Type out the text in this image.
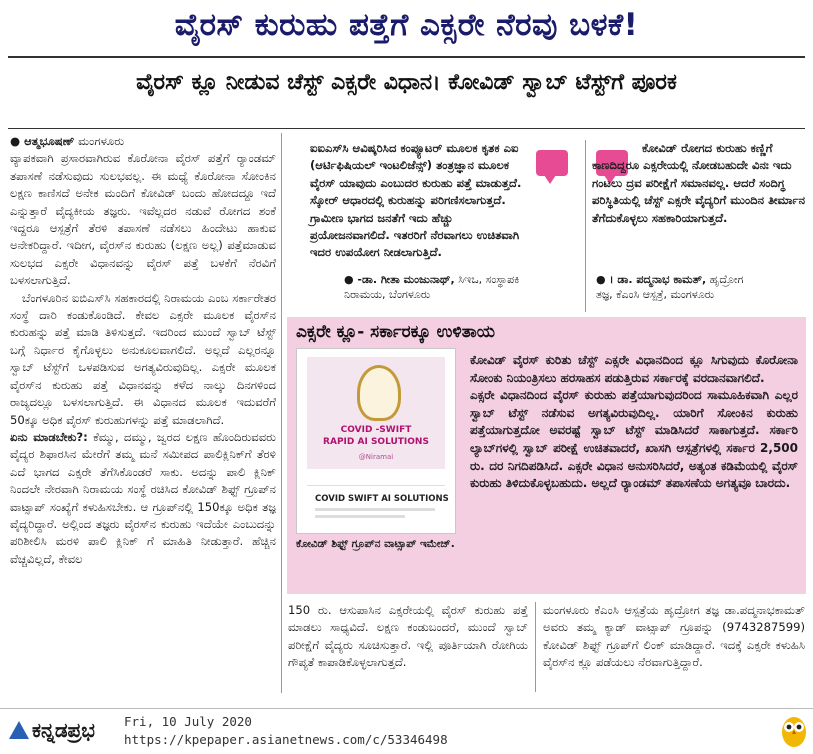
ವೈರಸ್ ಕುರುಹು ಪತ್ತೆಗೆ ಎಕ್ಸರೇ ನೆರವು ಬಳಕೆ!
ವೈರಸ್ ಕ್ಲೂ ನೀಡುವ ಚೆಸ್ಟ್ ಎಕ್ಸರೇ ವಿಧಾನ। ಕೋವಿಡ್ ಸ್ವಾಬ್ ಟೆಸ್ಟ್‌ಗೆ ಪೂರಕ

● ಆತ್ಮಭೂಷಣ್ ಮಂಗಳೂರು

ವ್ಯಾಪಕವಾಗಿ ಪ್ರಸಾರವಾಗಿರುವ ಕೊರೋನಾ ವೈರಸ್ ಪತ್ತೆಗೆ ರ‍್ಯಾಂಡಮ್ ತಪಾಸಣೆ ನಡೆಸುವುದು ಸುಲಭವಲ್ಲ. ಈ ಮಧ್ಯೆ ಕೊರೋನಾ ಸೋಂಕಿನ ಲಕ್ಷಣ ಕಾಣಿಸದೆ ಅನೇಕ ಮಂದಿಗೆ ಕೋವಿಡ್ ಬಂದು ಹೋದದ್ದೂ ಇದೆ ಎನ್ನುತ್ತಾರೆ ವೈದ್ಯಕೀಯ ತಜ್ಞರು. ಇವೆಲ್ಲದರ ನಡುವೆ ರೋಗದ ಶಂಕೆ ಇದ್ದರೂ ಆಸ್ಪತ್ರೆಗೆ ತೆರಳಿ ತಪಾಸಣೆ ನಡೆಸಲು ಹಿಂದೇಟು ಹಾಕುವ ಅನೇಕರಿದ್ದಾರೆ. ಇದೀಗ, ವೈರಸ್‌ನ ಕುರುಹು (ಲಕ್ಷಣ ಅಲ್ಲ) ಪತ್ತೆಮಾಡುವ ಸುಲಭದ ಎಕ್ಸರೇ ವಿಧಾನವನ್ನು ವೈರಸ್ ಪತ್ತೆ ಬಳಕೆಗೆ ನೆರವಿಗೆ ಬಳಸಲಾಗುತ್ತಿದೆ.

ಬೆಂಗಳೂರಿನ ಐಬಿಎಸ್‌ಸಿ ಸಹಕಾರದಲ್ಲಿ ನಿರಾಮಯ ಎಂಬ ಸರ್ಕಾರೇತರ ಸಂಸ್ಥೆ ದಾರಿ ಕಂಡುಕೊಂಡಿದೆ. ಕೇವಲ ಎಕ್ಸರೇ ಮೂಲಕ ವೈರಸ್‌ನ ಕುರುಹನ್ನು ಪತ್ತೆ ಮಾಡಿ ತಿಳಿಸುತ್ತದೆ. ಇದರಿಂದ ಮುಂದೆ ಸ್ವಾಬ್ ಟೆಸ್ಟ್ ಬಗ್ಗೆ ನಿರ್ಧಾರ ಕೈಗೊಳ್ಳಲು ಅನುಕೂಲವಾಗಲಿದೆ. ಅಲ್ಲದೆ ಎಲ್ಲರನ್ನೂ ಸ್ವಾಬ್ ಟೆಸ್ಟ್‌ಗೆ ಒಳಪಡಿಸುವ ಅಗತ್ಯವಿರುವುದಿಲ್ಲ. ಎಕ್ಸರೇ ಮೂಲಕ ವೈರಸ್‌ನ ಕುರುಹು ಪತ್ತೆ ವಿಧಾನವನ್ನು ಕಳೆದ ನಾಲ್ಕು ದಿನಗಳಿಂದ ರಾಜ್ಯದಲ್ಲೂ ಬಳಸಲಾಗುತ್ತಿದೆ. ಈ ವಿಧಾನದ ಮೂಲಕ ಇದುವರೆಗೆ 50ಕ್ಕೂ ಅಧಿಕ ವೈರಸ್ ಕುರುಹುಗಳನ್ನು ಪತ್ತೆ ಮಾಡಲಾಗಿದೆ.

ಏನು ಮಾಡಬೇಕು?: ಕೆಮ್ಮು, ದಮ್ಮು, ಜ್ವರದ ಲಕ್ಷಣ ಹೊಂದಿರುವವರು ವೈದ್ಯರ ಶಿಫಾರಸಿನ ಮೇರೆಗೆ ತಮ್ಮ ಮನೆ ಸಮೀಪದ ಪಾಲಿಕ್ಲಿನಿಕ್‌ಗೆ ತೆರಳಿ ಎದೆ ಭಾಗದ ಎಕ್ಸರೇ ತೆಗೆಸಿಕೊಂಡರೆ ಸಾಕು. ಅದನ್ನು ಪಾಲಿ ಕ್ಲಿನಿಕ್ ನಿಂದಲೇ ನೇರವಾಗಿ ನಿರಾಮಯ ಸಂಸ್ಥೆ ರಚಿಸಿದ ಕೋವಿಡ್ ಶಿಫ್ಟ್ ಗ್ರೂಪ್‌ನ ವಾಟ್ಸಾಪ್ ಸಂಖ್ಯೆಗೆ ಕಳುಹಿಸಬೇಕು. ಆ ಗ್ರೂಪ್‌ನಲ್ಲಿ 150ಕ್ಕೂ ಅಧಿಕ ತಜ್ಞ ವೈದ್ಯರಿದ್ದಾರೆ. ಅಲ್ಲಿಂದ ತಜ್ಞರು ವೈರಸ್‌ನ ಕುರುಹು ಇದೆಯೇ ಎಂಬುದನ್ನು ಪರಿಶೀಲಿಸಿ ಮರಳಿ ಪಾಲಿ ಕ್ಲಿನಿಕ್ ಗೆ ಮಾಹಿತಿ ನೀಡುತ್ತಾರೆ. ಹೆಚ್ಚಿನ ವೆಚ್ಚವಿಲ್ಲದೆ, ಕೇವಲ

ಐಐಎಸ್‌ಸಿ ಆವಿಷ್ಕರಿಸಿದ ಕಂಪ್ಯೂಟರ್ ಮೂಲಕ ಕೃತಕ ಎಐ (ಆರ್ಟಿಫಿಷಿಯಲ್ ಇಂಟಲಿಜೆನ್ಸ್) ತಂತ್ರಜ್ಞಾನ ಮೂಲಕ ವೈರಸ್ ಯಾವುದು ಎಂಬುದರ ಕುರುಹು ಪತ್ತೆ ಮಾಡುತ್ತದೆ. ಸ್ಕೋರ್ ಆಧಾರದಲ್ಲಿ ಕುರುಹನ್ನು ಪರಿಗಣಿಸಲಾಗುತ್ತದೆ. ಗ್ರಾಮೀಣ ಭಾಗದ ಜನತೆಗೆ ಇದು ಹೆಚ್ಚು ಪ್ರಯೋಜನವಾಗಲಿದೆ. ಇತರರಿಗೆ ನೆರವಾಗಲು ಉಚಿತವಾಗಿ ಇದರ ಉಪಯೋಗ ನೀಡಲಾಗುತ್ತಿದೆ.
● -ಡಾ. ಗೀತಾ ಮಂಜುನಾಥ್, ಸಿಇಒ, ಸಂಸ್ಥಾಪಕಿ
ನಿರಾಮಯ, ಬೆಂಗಳೂರು
ಕೋವಿಡ್ ರೋಗದ ಕುರುಹು ಕಣ್ಣಿಗೆ ಕಾಣದಿದ್ದರೂ ಎಕ್ಸರೇಯಲ್ಲಿ ನೋಡಬಹುದೇ ವಿನಃ ಇದು ಗಂಟಲು ದ್ರವ ಪರೀಕ್ಷೆಗೆ ಸಮಾನವಲ್ಲ. ಆದರೆ ಸಂದಿಗ್ಧ ಪರಿಸ್ಥಿತಿಯಲ್ಲಿ ಚೆಸ್ಟ್ ಎಕ್ಸರೇ ವೈದ್ಯರಿಗೆ ಮುಂದಿನ ತೀರ್ಮಾನ ತೆಗೆದುಕೊಳ್ಳಲು ಸಹಕಾರಿಯಾಗುತ್ತದೆ.
● । ಡಾ. ಪದ್ಮನಾಭ ಕಾಮತ್, ಹೃದ್ರೋಗ
ತಜ್ಞ, ಕೆಎಂಸಿ ಆಸ್ಪತ್ರೆ, ಮಂಗಳೂರು
ಎಕ್ಸರೇ ಕ್ಲೂ- ಸರ್ಕಾರಕ್ಕೂ ಉಳಿತಾಯ
COVID -SWIFT
RAPID AI SOLUTIONS
@Niramai
COVID SWIFT AI SOLUTIONS
ಕೋವಿಡ್ ಶಿಫ್ಟ್ ಗ್ರೂಪ್‌ನ ವಾಟ್ಸಾಪ್ ಇಮೇಜ್.

ಕೋವಿಡ್ ವೈರಸ್ ಕುರಿತು ಚೆಸ್ಟ್ ಎಕ್ಸರೇ ವಿಧಾನದಿಂದ ಕ್ಲೂ ಸಿಗುವುದು ಕೊರೋನಾ ಸೋಂಕು ನಿಯಂತ್ರಿಸಲು ಹರಸಾಹಸ ಪಡುತ್ತಿರುವ ಸರ್ಕಾರಕ್ಕೆ ವರದಾನವಾಗಲಿದೆ.

ಎಕ್ಸರೇ ವಿಧಾನದಿಂದ ವೈರಸ್ ಕುರುಹು ಪತ್ತೆಯಾಗುವುದರಿಂದ ಸಾಮೂಹಿಕವಾಗಿ ಎಲ್ಲರ ಸ್ವಾಬ್ ಟೆಸ್ಟ್ ನಡೆಸುವ ಅಗತ್ಯವಿರುವುದಿಲ್ಲ. ಯಾರಿಗೆ ಸೋಂಕಿನ ಕುರುಹು ಪತ್ತೆಯಾಗುತ್ತದೋ ಅವರಷ್ಟೆ ಸ್ವಾಬ್ ಟೆಸ್ಟ್ ಮಾಡಿಸಿದರೆ ಸಾಕಾಗುತ್ತದೆ. ಸರ್ಕಾರಿ ಲ್ಯಾಬ್‌ಗಳಲ್ಲಿ ಸ್ವಾಬ್ ಪರೀಕ್ಷೆ ಉಚಿತವಾದರೆ, ಖಾಸಗಿ ಆಸ್ಪತ್ರೆಗಳಲ್ಲಿ ಸರ್ಕಾರ 2,500 ರು. ದರ ನಿಗದಿಪಡಿಸಿದೆ. ಎಕ್ಸರೇ ವಿಧಾನ ಅನುಸರಿಸಿದರೆ, ಅತ್ಯಂತ ಕಡಿಮೆಯಲ್ಲಿ ವೈರಸ್ ಕುರುಹು ತಿಳಿದುಕೊಳ್ಳಬಹುದು. ಅಲ್ಲದೆ ರ‍್ಯಾಂಡಮ್ ತಪಾಸಣೆಯ ಅಗತ್ಯವೂ ಬಾರದು.

150 ರು. ಆಸುಪಾಸಿನ ಎಕ್ಸರೇಯಲ್ಲಿ ವೈರಸ್ ಕುರುಹು ಪತ್ತೆ ಮಾಡಲು ಸಾಧ್ಯವಿದೆ. ಲಕ್ಷಣ ಕಂಡುಬಂದರೆ, ಮುಂದೆ ಸ್ವಾಬ್ ಪರೀಕ್ಷೆಗೆ ವೈದ್ಯರು ಸೂಚಿಸುತ್ತಾರೆ. ಇಲ್ಲಿ ಪೂರ್ತಿಯಾಗಿ ರೋಗಿಯ ಗೌಪ್ಯತೆ ಕಾಪಾಡಿಕೊಳ್ಳಲಾಗುತ್ತದೆ.

ಮಂಗಳೂರು ಕೆಎಂಸಿ ಆಸ್ಪತ್ರೆಯ ಹೃದ್ರೋಗ ತಜ್ಞ ಡಾ.ಪದ್ಮನಾಭಕಾಮತ್ ಅವರು ತಮ್ಮ ಕ್ಯಾಡ್ ವಾಟ್ಸಾಪ್ ಗ್ರೂಪನ್ನು (9743287599) ಕೋವಿಡ್ ಶಿಫ್ಟ್ ಗ್ರೂಪ್‌ಗೆ ಲಿಂಕ್ ಮಾಡಿದ್ದಾರೆ. ಇದಕ್ಕೆ ಎಕ್ಸರೇ ಕಳುಹಿಸಿ ವೈರಸ್‌ನ ಕ್ಲೂ ಪಡೆಯಲು ನೆರವಾಗುತ್ತಿದ್ದಾರೆ.

ಕನ್ನಡಪ್ರಭ Fri, 10 July 2020
https://kpepaper.asianetnews.com/c/53346498
